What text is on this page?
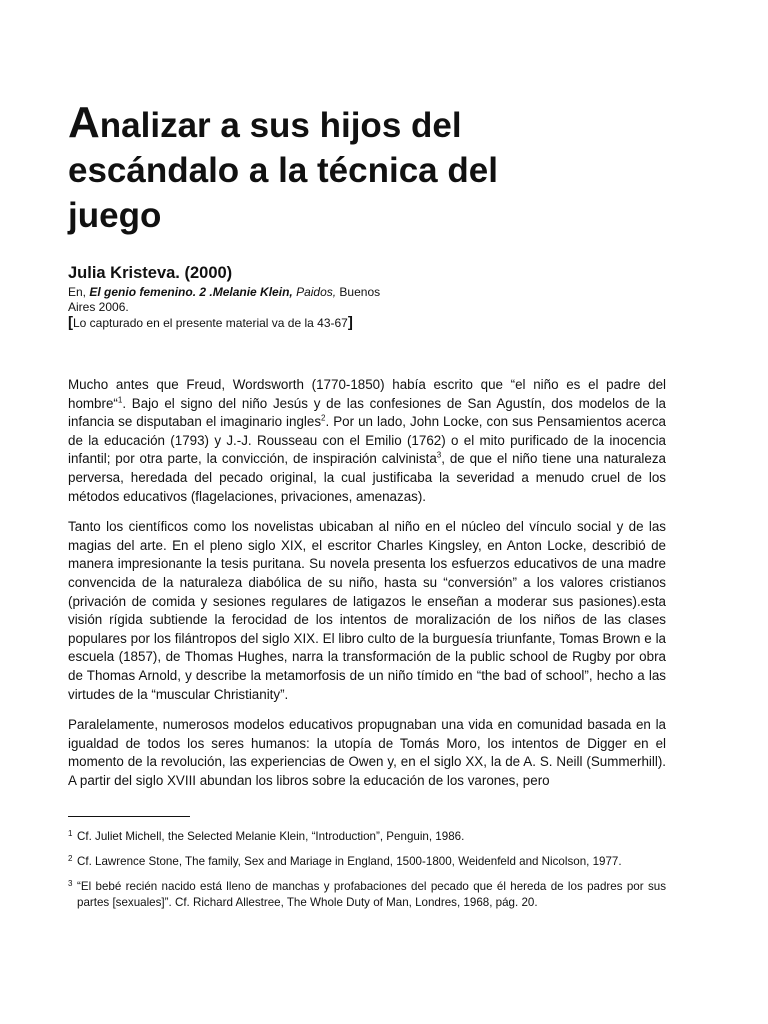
Analizar a sus hijos del escándalo a la técnica del juego
Julia Kristeva. (2000)
En, El genio femenino. 2 .Melanie Klein, Paidos, Buenos Aires 2006.
[Lo capturado en el presente material va de la 43-67]

Mucho antes que Freud, Wordsworth (1770-1850) había escrito que “el niño es el padre del hombre“$^1$. Bajo el signo del niño Jesús y de las confesiones de San Agustín, dos modelos de la infancia se disputaban el imaginario ingles$^2$. Por un lado, John Locke, con sus Pensamientos acerca de la educación (1793) y J.-J. Rousseau con el Emilio (1762) o el mito purificado de la inocencia infantil; por otra parte, la convicción, de inspiración calvinista$^3$, de que el niño tiene una naturaleza perversa, heredada del pecado original, la cual justificaba la severidad a menudo cruel de los métodos educativos (flagelaciones, privaciones, amenazas).

Tanto los científicos como los novelistas ubicaban al niño en el núcleo del vínculo social y de las magias del arte. En el pleno siglo XIX, el escritor Charles Kingsley, en Anton Locke, describió de manera impresionante la tesis puritana. Su novela presenta los esfuerzos educativos de una madre convencida de la naturaleza diabólica de su niño, hasta su “conversión” a los valores cristianos (privación de comida y sesiones regulares de latigazos le enseñan a moderar sus pasiones).esta visión rígida subtiende la ferocidad de los intentos de moralización de los niños de las clases populares por los filántropos del siglo XIX. El libro culto de la burguesía triunfante, Tomas Brown e la escuela (1857), de Thomas Hughes, narra la transformación de la public school de Rugby por obra de Thomas Arnold, y describe la metamorfosis de un niño tímido en “the bad of school”, hecho a las virtudes de la “muscular Christianity”.

Paralelamente, numerosos modelos educativos propugnaban una vida en comunidad basada en la igualdad de todos los seres humanos: la utopía de Tomás Moro, los intentos de Digger en el momento de la revolución, las experiencias de Owen y, en el siglo XX, la de A. S. Neill (Summerhill). A partir del siglo XVIII abundan los libros sobre la educación de los varones, pero

1 Cf. Juliet Michell, the Selected Melanie Klein, “Introduction”, Penguin, 1986.
2 Cf. Lawrence Stone, The family, Sex and Mariage in England, 1500-1800, Weidenfeld and Nicolson, 1977.
3 “El bebé recién nacido está lleno de manchas y profabaciones del pecado que él hereda de los padres por sus partes [sexuales]”. Cf. Richard Allestree, The Whole Duty of Man, Londres, 1968, pág. 20.
